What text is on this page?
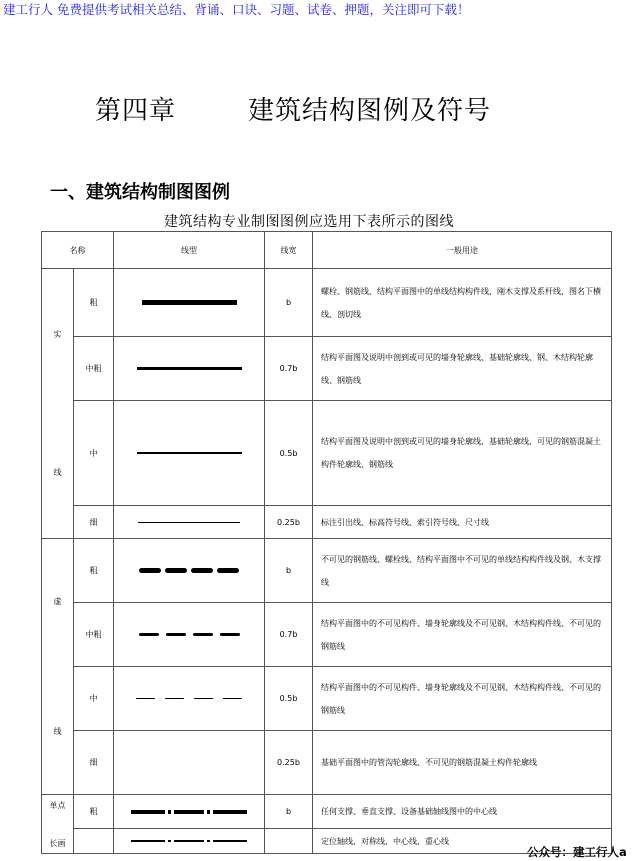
建工行人 免费提供考试相关总结、背诵、口诀、习题、试卷、押题，关注即可下载！
第四章	建筑结构图例及符号
一、建筑结构制图图例
建筑结构专业制图图例应选用下表所示的图线
名称		线型	线宽	一般用途

实
线	粗		b	螺栓、钢筋线、结构平面图中的单线结构构件线，刚木支撑及系杆线，图名下横线、剖切线
	中粗		0.7b	结构平面图及说明中剖到或可见的墙身轮廓线、基础轮廓线、钢、木结构轮廓线、钢筋线
	中		0.5b	结构平面图及说明中剖到或可见的墙身轮廓线、基础轮廓线、可见的钢筋混凝土构件轮廓线、钢筋线
	细		0.25b	标注引出线、标高符号线、索引符号线、尺寸线

虚
线	粗		b	不可见的钢筋线、螺栓线、结构平面图中不可见的单线结构构件线及钢、木支撑线
	中粗		0.7b	结构平面图中的不可见构件、墙身轮廓线及不可见钢、木结构构件线、不可见的钢筋线
	中		0.5b	结构平面图中的不可见构件、墙身轮廓线及不可见钢、木结构构件线、不可见的钢筋线
	细		0.25b	基础平面图中的管沟轮廓线、不可见的钢筋混凝土构件轮廓线

单点
长画	粗		b	任何支撑、垂直支撑、设备基础轴线图中的中心线

			定位轴线、对称线、中心线、重心线
公众号：建工行人a
